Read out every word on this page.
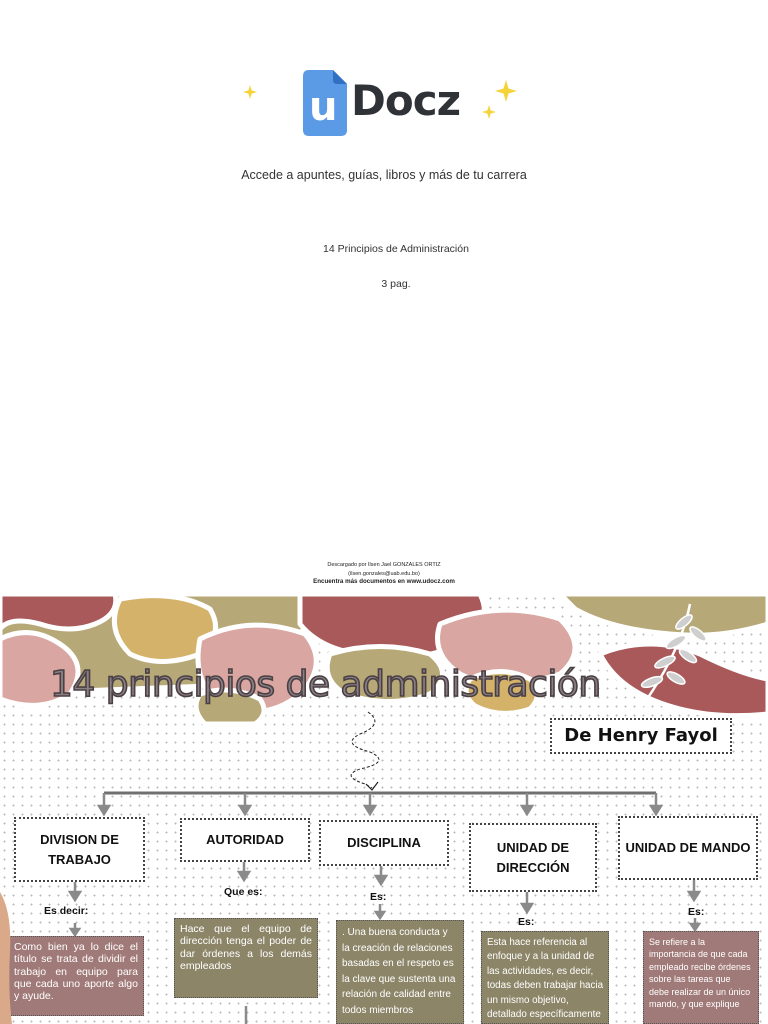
u Docz
Accede a apuntes, guías, libros y más de tu carrera
14 Principios de Administración
3 pag.
Descargado por Ilsen Jael GONZALES ORTIZ
(ilsen.gonzales@uab.edu.bo)
Encuentra más documentos en www.udocz.com
14 principios de administración
De Henry Fayol
DIVISION DE TRABAJO
AUTORIDAD	DISCIPLINA	UNIDAD DE DIRECCIÓN
UNIDAD DE MANDO
Es decir:
Que es:	Es:
Es:
Es:
Como bien ya lo dice el título se trata de dividir el trabajo en equipo para que cada uno aporte algo y ayude.
Hace que el equipo de dirección tenga el poder de dar órdenes a los demás empleados
. Una buena conducta y la creación de relaciones basadas en el respeto es la clave que sustenta una relación de calidad entre todos miembros
Esta hace referencia al enfoque y a la unidad de las actividades, es decir, todas deben trabajar hacia un mismo objetivo, detallado específicamente
Se refiere a la importancia de que cada empleado recibe órdenes sobre las tareas que debe realizar de un único mando, y que explique
